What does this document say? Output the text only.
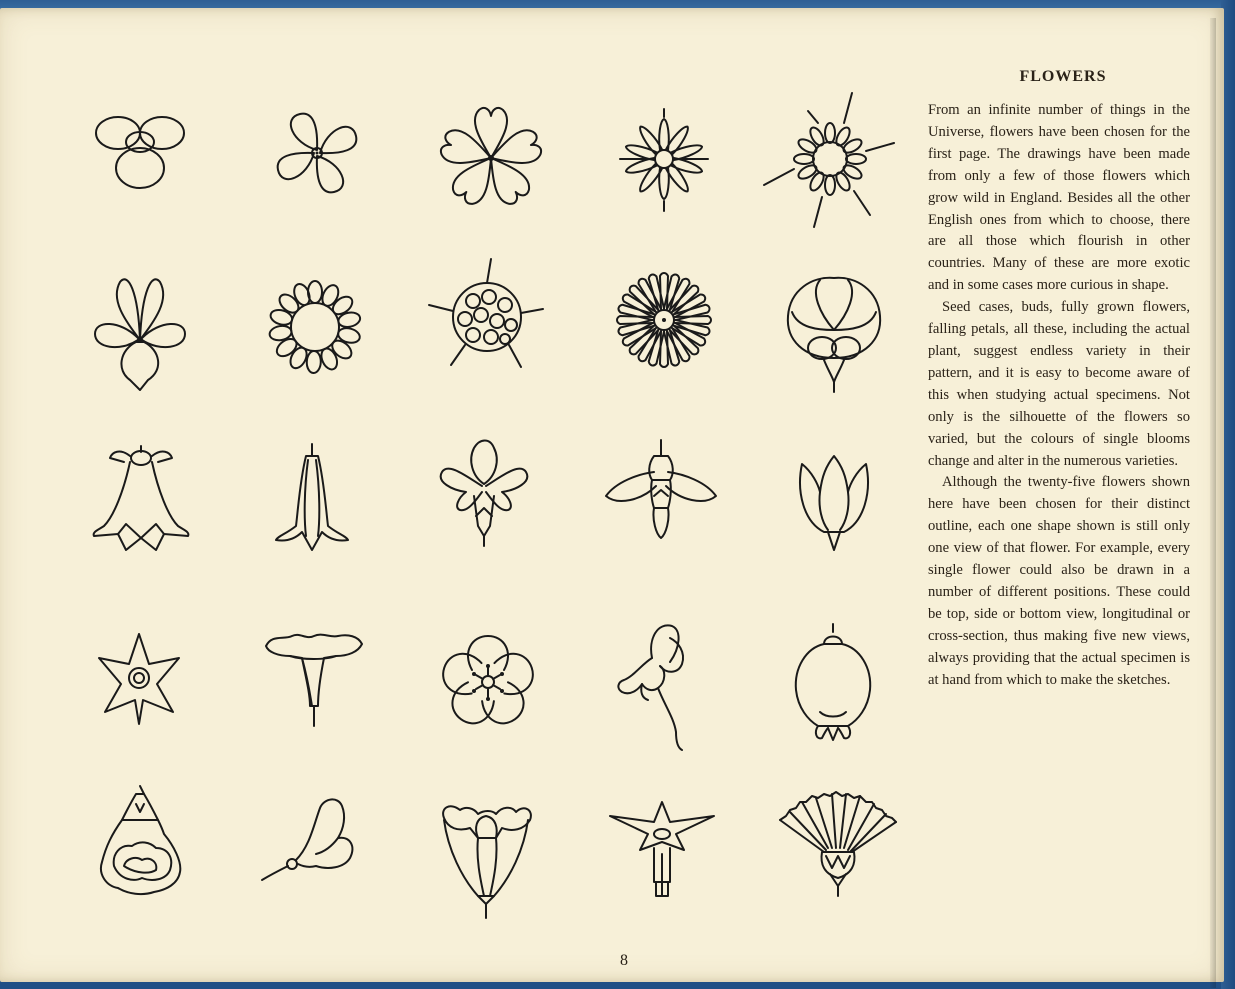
FLOWERS

From an infinite number of things in the Universe, flowers have been chosen for the first page. The drawings have been made from only a few of those flowers which grow wild in England. Besides all the other English ones from which to choose, there are all those which flourish in other countries. Many of these are more exotic and in some cases more curious in shape.

Seed cases, buds, fully grown flowers, falling petals, all these, including the actual plant, suggest endless variety in their pattern, and it is easy to become aware of this when studying actual specimens. Not only is the silhouette of the flowers so varied, but the colours of single blooms change and alter in the numerous varieties.

Although the twenty-five flowers shown here have been chosen for their distinct outline, each one shape shown is still only one view of that flower. For example, every single flower could also be drawn in a number of different positions. These could be top, side or bottom view, longitudinal or cross-section, thus making five new views, always providing that the actual specimen is at hand from which to make the sketches.

8
